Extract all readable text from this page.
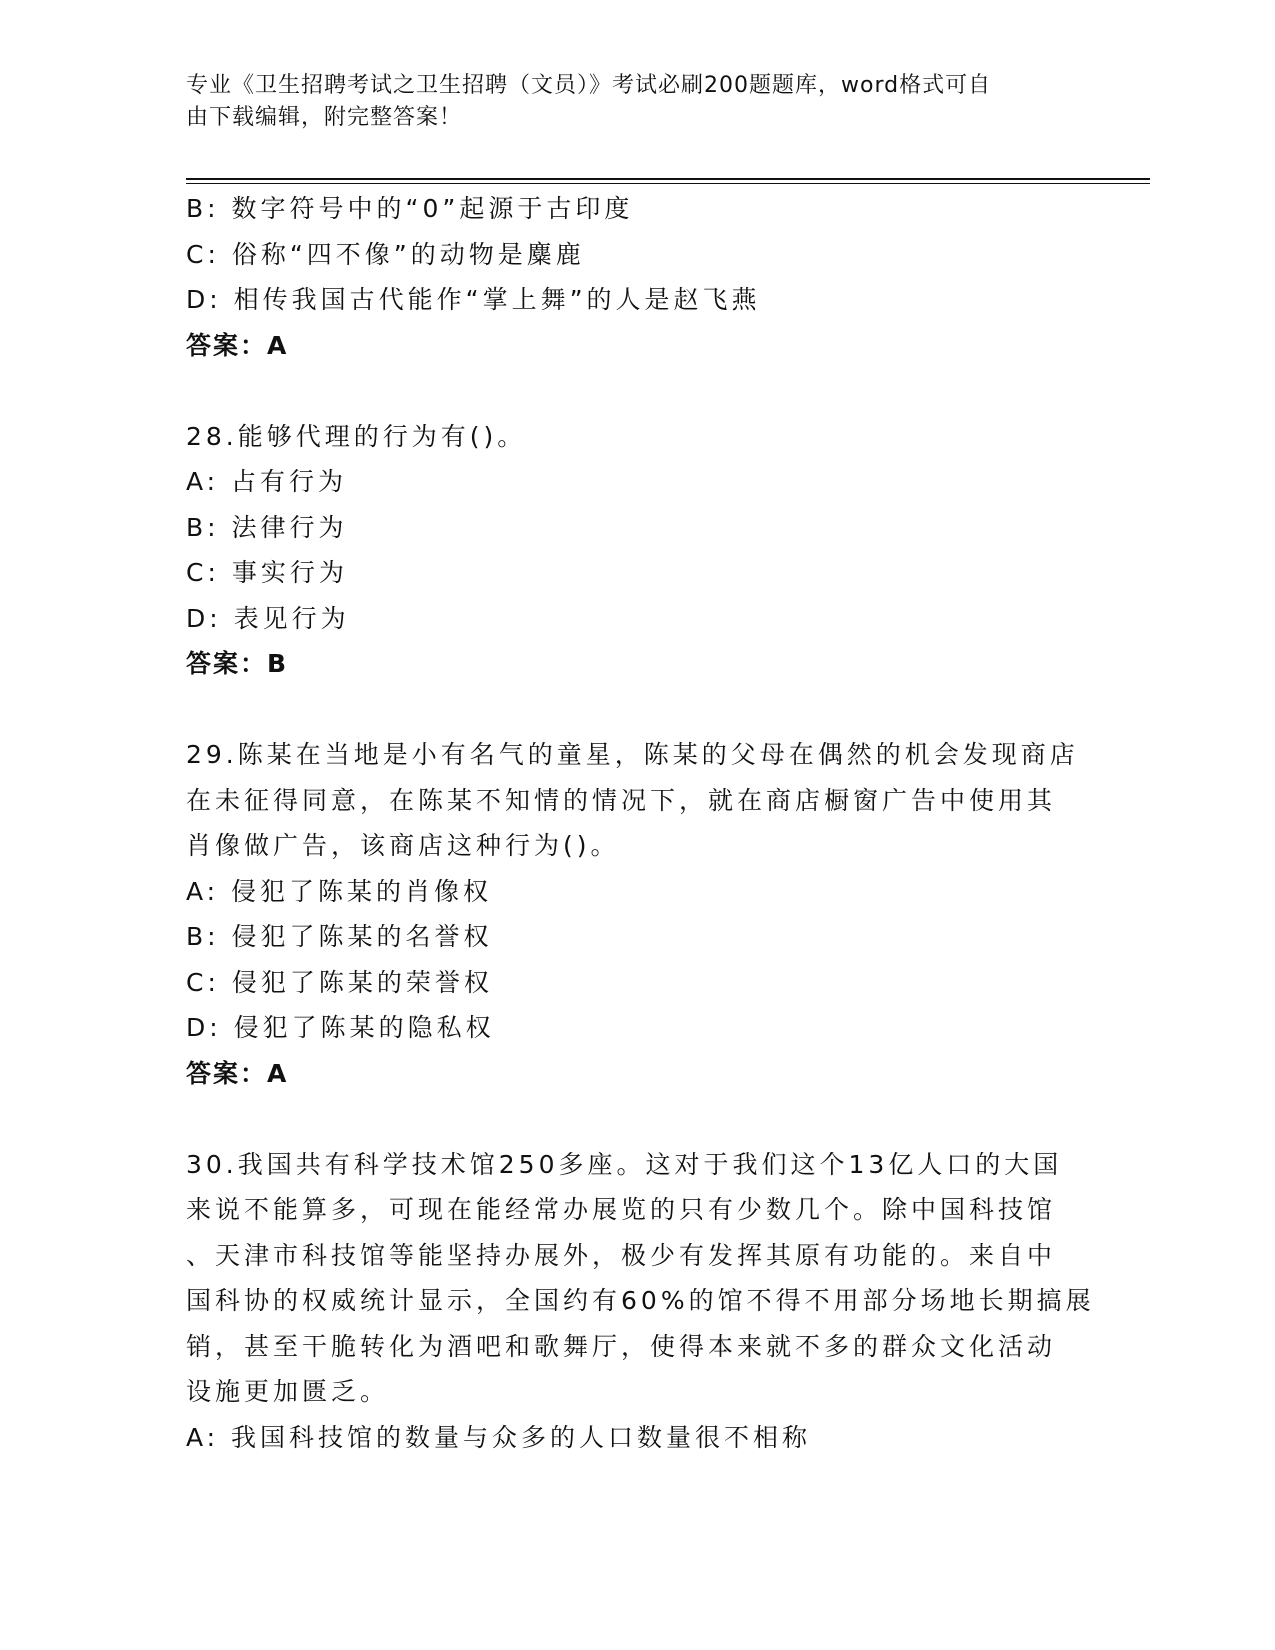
专业《卫生招聘考试之卫生招聘（文员）》考试必刷200题题库，word格式可自
由下载编辑，附完整答案！
B: 数字符号中的“0”起源于古印度
C: 俗称“四不像”的动物是麋鹿
D: 相传我国古代能作“掌上舞”的人是赵飞燕
答案：A
28.能够代理的行为有()。
A: 占有行为
B: 法律行为
C: 事实行为
D: 表见行为
答案：B
29.陈某在当地是小有名气的童星，陈某的父母在偶然的机会发现商店
在未征得同意，在陈某不知情的情况下，就在商店橱窗广告中使用其
肖像做广告，该商店这种行为()。
A: 侵犯了陈某的肖像权
B: 侵犯了陈某的名誉权
C: 侵犯了陈某的荣誉权
D: 侵犯了陈某的隐私权
答案：A
30.我国共有科学技术馆250多座。这对于我们这个13亿人口的大国
来说不能算多，可现在能经常办展览的只有少数几个。除中国科技馆
、天津市科技馆等能坚持办展外，极少有发挥其原有功能的。来自中
国科协的权威统计显示，全国约有60%的馆不得不用部分场地长期搞展
销，甚至干脆转化为酒吧和歌舞厅，使得本来就不多的群众文化活动
设施更加匮乏。
A: 我国科技馆的数量与众多的人口数量很不相称
